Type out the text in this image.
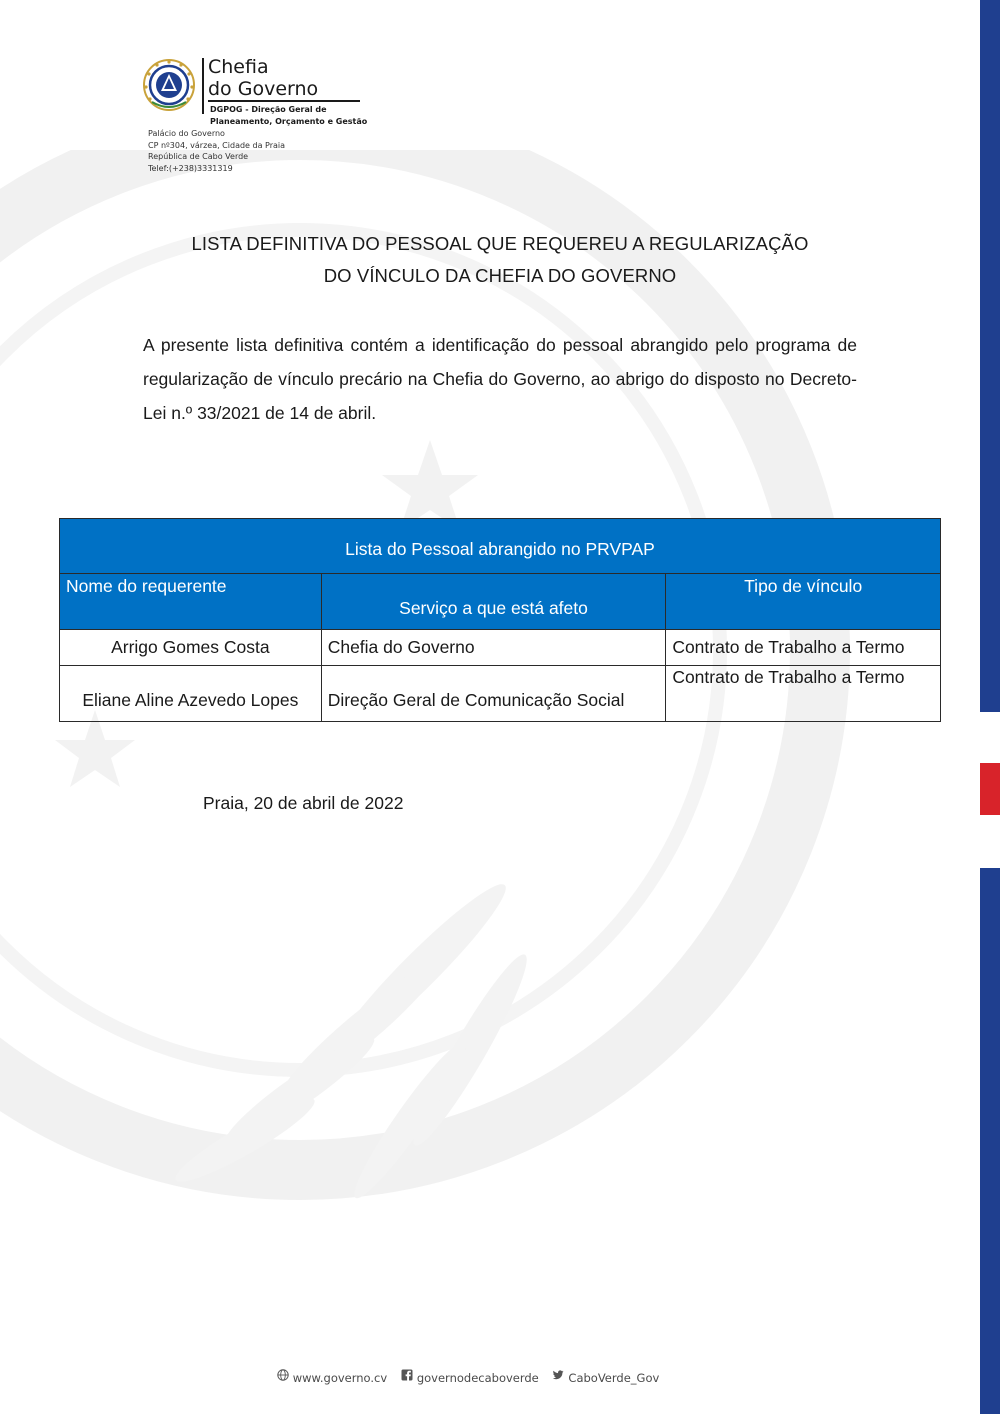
Chefia
do Governo
DGPOG - Direção Geral de Planeamento, Orçamento e Gestão
Palácio do Governo
CP nº304, várzea, Cidade da Praia
República de Cabo Verde
Telef:(+238)3331319
LISTA DEFINITIVA DO PESSOAL QUE REQUEREU A REGULARIZAÇÃO
DO VÍNCULO DA CHEFIA DO GOVERNO

A presente lista definitiva contém a identificação do pessoal abrangido pelo programa de regularização de vínculo precário na Chefia do Governo, ao abrigo do disposto no Decreto-Lei n.º 33/2021 de 14 de abril.

Lista do Pessoal abrangido no PRVPAP		
Nome do requerente	Serviço a que está afeto	Tipo de vínculo
Arrigo Gomes Costa	Chefia do Governo	Contrato de Trabalho a Termo
Eliane Aline Azevedo Lopes	Direção Geral de Comunicação Social	Contrato de Trabalho a Termo
Praia, 20 de abril de 2022
www.governo.cv	governodecaboverde	CaboVerde_Gov
